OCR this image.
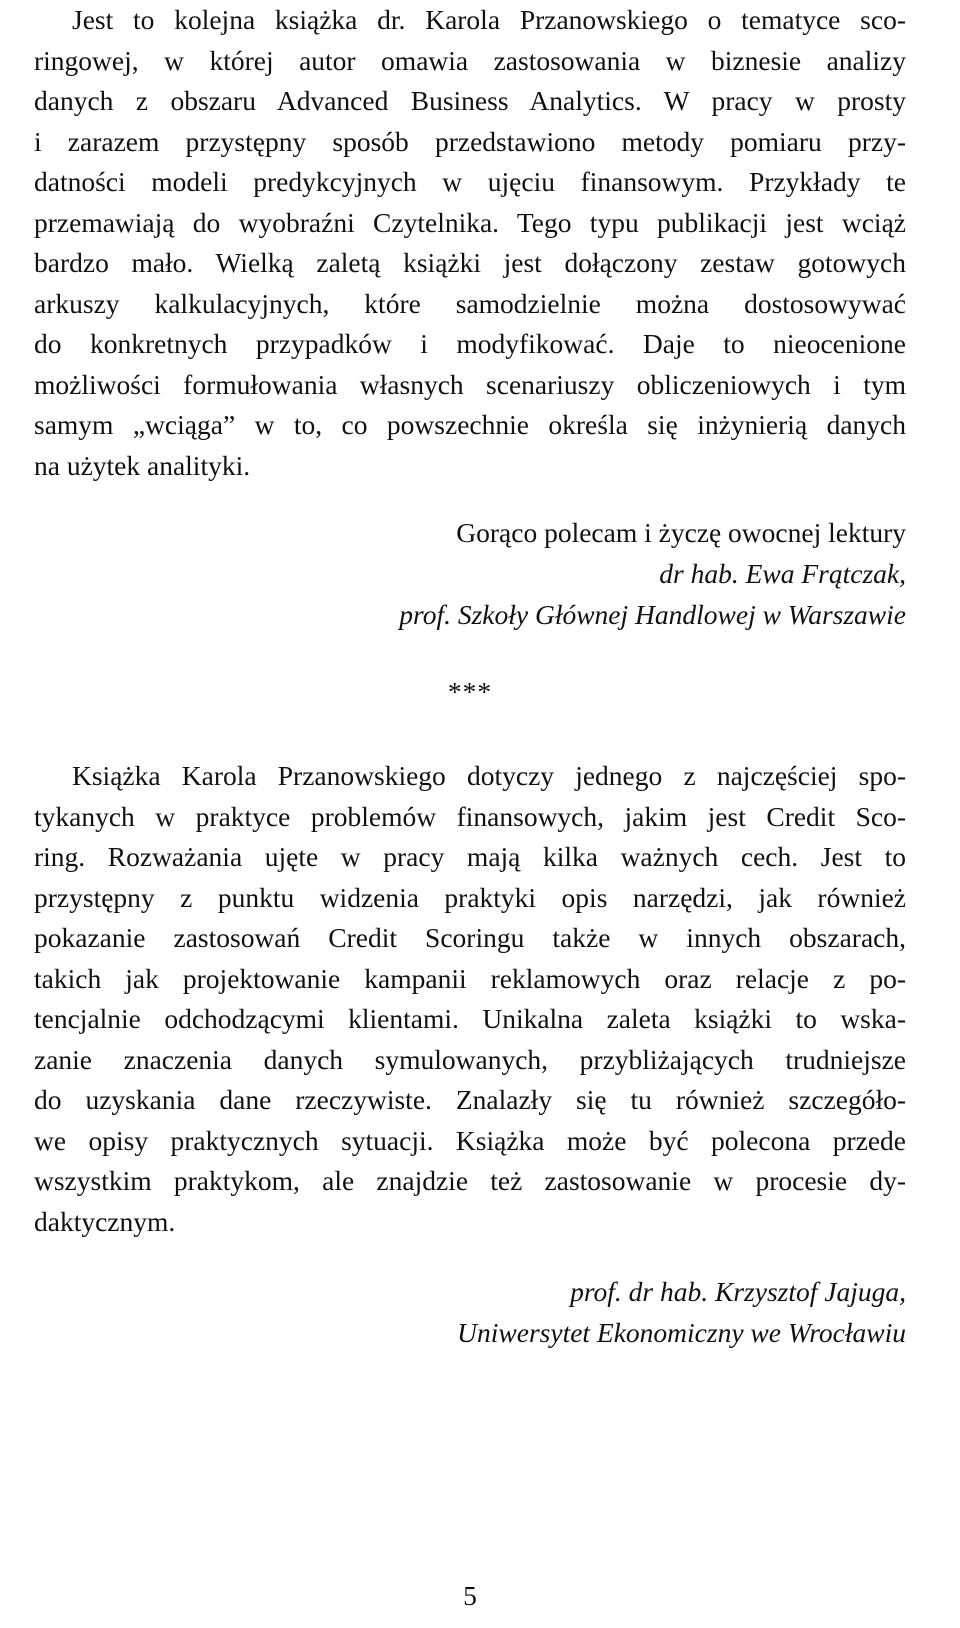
Jest to kolejna książka dr. Karola Przanowskiego o tematyce sco-
ringowej, w której autor omawia zastosowania w biznesie analizy
danych z obszaru Advanced Business Analytics. W pracy w prosty
i zarazem przystępny sposób przedstawiono metody pomiaru przy-
datności modeli predykcyjnych w ujęciu finansowym. Przykłady te
przemawiają do wyobraźni Czytelnika. Tego typu publikacji jest wciąż
bardzo mało. Wielką zaletą książki jest dołączony zestaw gotowych
arkuszy kalkulacyjnych, które samodzielnie można dostosowywać
do konkretnych przypadków i modyfikować. Daje to nieocenione
możliwości formułowania własnych scenariuszy obliczeniowych i tym
samym „wciąga” w to, co powszechnie określa się inżynierią danych
na użytek analityki.
Gorąco polecam i życzę owocnej lektury
dr hab. Ewa Frątczak,
prof. Szkoły Głównej Handlowej w Warszawie
***
Książka Karola Przanowskiego dotyczy jednego z najczęściej spo-
tykanych w praktyce problemów finansowych, jakim jest Credit Sco-
ring. Rozważania ujęte w pracy mają kilka ważnych cech. Jest to
przystępny z punktu widzenia praktyki opis narzędzi, jak również
pokazanie zastosowań Credit Scoringu także w innych obszarach,
takich jak projektowanie kampanii reklamowych oraz relacje z po-
tencjalnie odchodzącymi klientami. Unikalna zaleta książki to wska-
zanie znaczenia danych symulowanych, przybliżających trudniejsze
do uzyskania dane rzeczywiste. Znalazły się tu również szczegóło-
we opisy praktycznych sytuacji. Książka może być polecona przede
wszystkim praktykom, ale znajdzie też zastosowanie w procesie dy-
daktycznym.
prof. dr hab. Krzysztof Jajuga,
Uniwersytet Ekonomiczny we Wrocławiu
5
